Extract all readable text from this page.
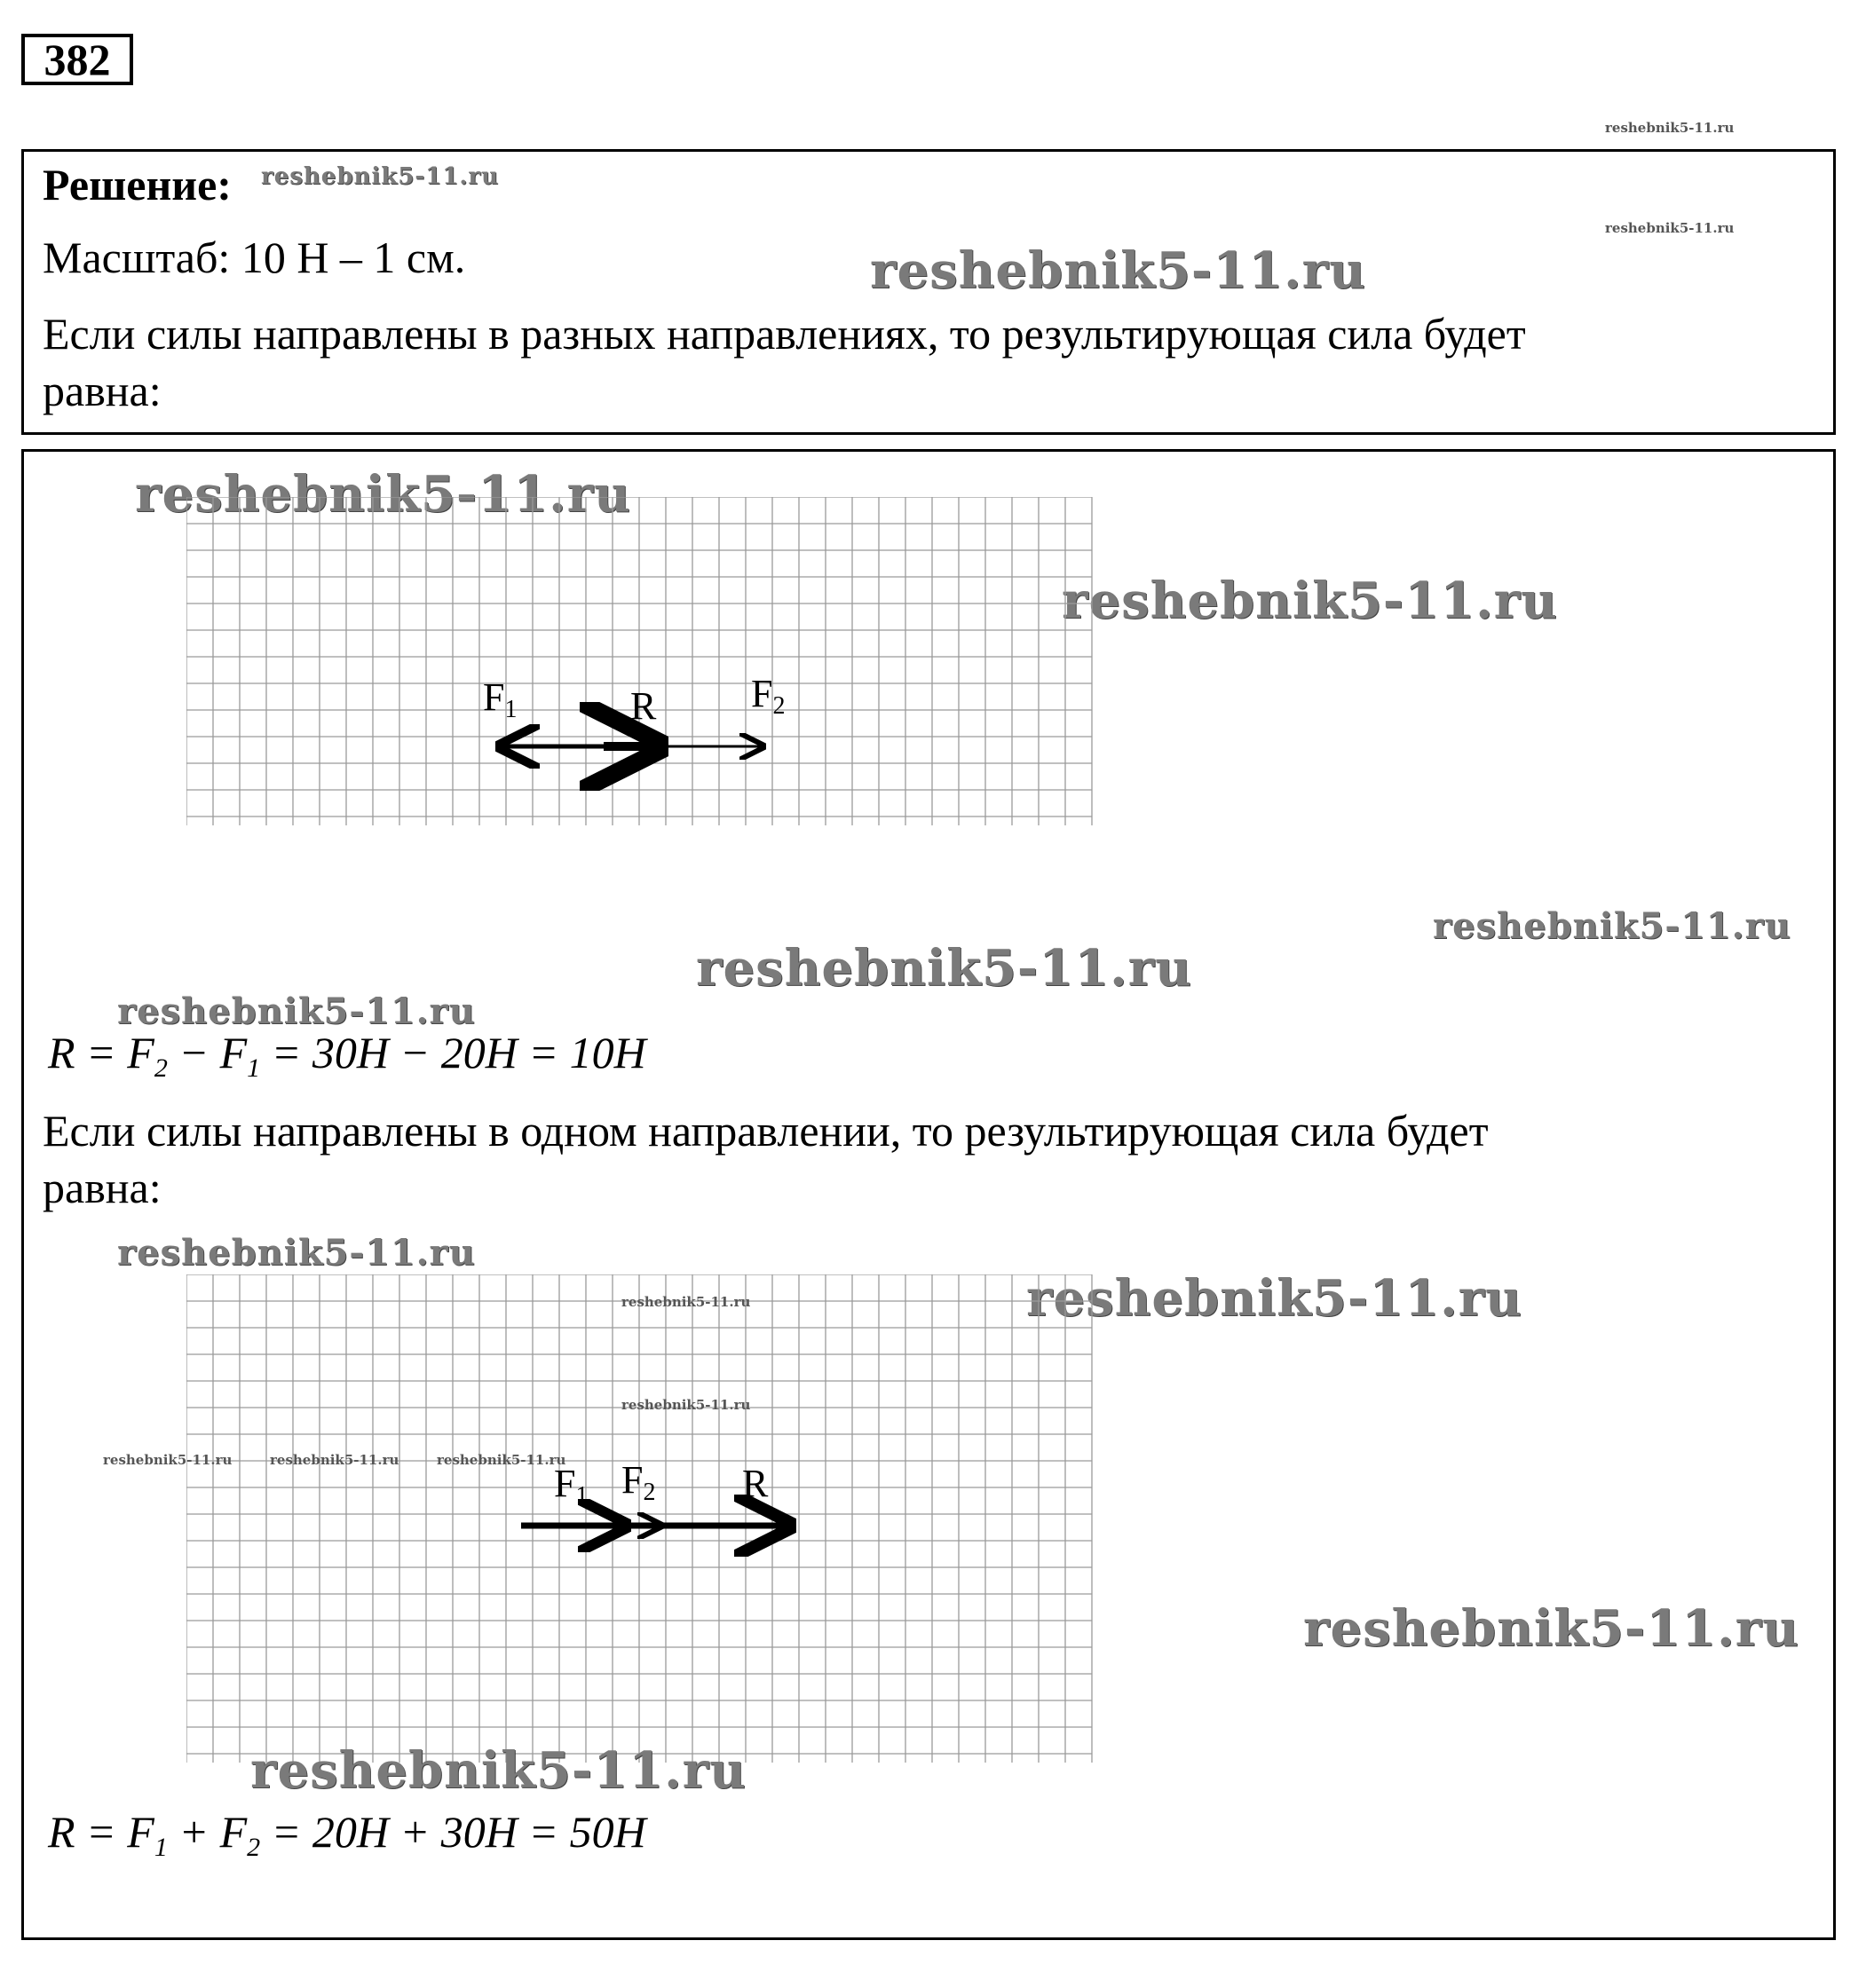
382
reshebnik5-11.ru
Решение: reshebnik5-11.ru
Масштаб: 10 Н – 1 см.
reshebnik5-11.ru
reshebnik5-11.ru
Если силы направлены в разных направлениях, то результирующая сила будет
равна:
reshebnik5-11.ru
reshebnik5-11.ru
F1	R F2
reshebnik5-11.ru
reshebnik5-11.ru
reshebnik5-11.ru
$R = F_2 - F_1 = 30H - 20H = 10H$
Если силы направлены в одном направлении, то результирующая сила будет
равна:
reshebnik5-11.ru
reshebnik5-11.ru
F1 F2 R
reshebnik5-11.ru
reshebnik5-11.ru
reshebnik5-11.ru	reshebnik5-11.ru	reshebnik5-11.ru
reshebnik5-11.ru
reshebnik5-11.ru
$R = F_1 + F_2 = 20H + 30H = 50H$
